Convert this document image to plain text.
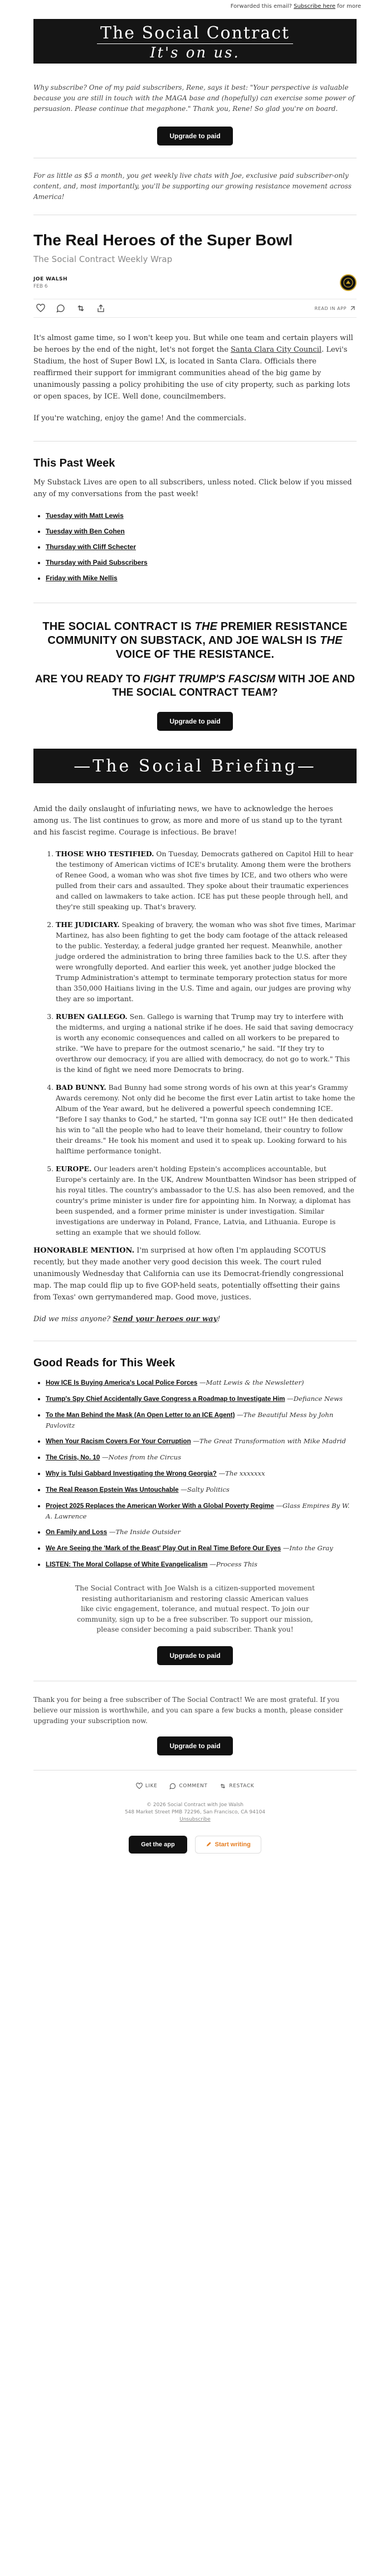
Forwarded this email? Subscribe here for more
The Social Contract
It's on us.

Why subscribe? One of my paid subscribers, Rene, says it best: "Your perspective is valuable because you are still in touch with the MAGA base and (hopefully) can exercise some power of persuasion. Please continue that megaphone." Thank you, Rene! So glad you're on board.

Upgrade to paid

For as little as $5 a month, you get weekly live chats with Joe, exclusive paid subscriber-only content, and, most importantly, you'll be supporting our growing resistance movement across America!

The Real Heroes of the Super Bowl
The Social Contract Weekly Wrap
JOE WALSH
FEB 6
READ IN APP

It's almost game time, so I won't keep you. But while one team and certain players will be heroes by the end of the night, let's not forget the Santa Clara City Council. Levi's Stadium, the host of Super Bowl LX, is located in Santa Clara. Officials there reaffirmed their support for immigrant communities ahead of the big game by unanimously passing a policy prohibiting the use of city property, such as parking lots or open spaces, by ICE. Well done, councilmembers.

If you're watching, enjoy the game! And the commercials.

This Past Week

My Substack Lives are open to all subscribers, unless noted. Click below if you missed any of my conversations from the past week!

• Tuesday with Matt Lewis
• Tuesday with Ben Cohen
• Thursday with Cliff Schecter
• Thursday with Paid Subscribers
• Friday with Mike Nellis
THE SOCIAL CONTRACT IS THE PREMIER RESISTANCE COMMUNITY ON SUBSTACK, AND JOE WALSH IS THE VOICE OF THE RESISTANCE.
ARE YOU READY TO FIGHT TRUMP'S FASCISM WITH JOE AND THE SOCIAL CONTRACT TEAM?
Upgrade to paid
—The Social Briefing—

Amid the daily onslaught of infuriating news, we have to acknowledge the heroes among us. The list continues to grow, as more and more of us stand up to the tyrant and his fascist regime. Courage is infectious. Be brave!

1. THOSE WHO TESTIFIED. On Tuesday, Democrats gathered on Capitol Hill to hear the testimony of American victims of ICE's brutality. Among them were the brothers of Renee Good, a woman who was shot five times by ICE, and two others who were pulled from their cars and assaulted. They spoke about their traumatic experiences and called on lawmakers to take action. ICE has put these people through hell, and they're still speaking up. That's bravery.
2. THE JUDICIARY. Speaking of bravery, the woman who was shot five times, Marimar Martinez, has also been fighting to get the body cam footage of the attack released to the public. Yesterday, a federal judge granted her request. Meanwhile, another judge ordered the administration to bring three families back to the U.S. after they were wrongfully deported. And earlier this week, yet another judge blocked the Trump Administration's attempt to terminate temporary protection status for more than 350,000 Haitians living in the U.S. Time and again, our judges are proving why they are so important.
3. RUBEN GALLEGO. Sen. Gallego is warning that Trump may try to interfere with the midterms, and urging a national strike if he does. He said that saving democracy is worth any economic consequences and called on all workers to be prepared to strike. "We have to prepare for the outmost scenario," he said. "If they try to overthrow our democracy, if you are allied with democracy, do not go to work." This is the kind of fight we need more Democrats to bring.
4. BAD BUNNY. Bad Bunny had some strong words of his own at this year's Grammy Awards ceremony. Not only did he become the first ever Latin artist to take home the Album of the Year award, but he delivered a powerful speech condemning ICE. "Before I say thanks to God," he started, "I'm gonna say ICE out!" He then dedicated his win to "all the people who had to leave their homeland, their country to follow their dreams." He took his moment and used it to speak up. Looking forward to his halftime performance tonight.
5. EUROPE. Our leaders aren't holding Epstein's accomplices accountable, but Europe's certainly are. In the UK, Andrew Mountbatten Windsor has been stripped of his royal titles. The country's ambassador to the U.S. has also been removed, and the country's prime minister is under fire for appointing him. In Norway, a diplomat has been suspended, and a former prime minister is under investigation. Similar investigations are underway in Poland, France, Latvia, and Lithuania. Europe is setting an example that we should follow.

HONORABLE MENTION. I'm surprised at how often I'm applauding SCOTUS recently, but they made another very good decision this week. The court ruled unanimously Wednesday that California can use its Democrat-friendly congressional map. The map could flip up to five GOP-held seats, potentially offsetting their gains from Texas' own gerrymandered map. Good move, justices.

Did we miss anyone? Send your heroes our way!

Good Reads for This Week
• How ICE Is Buying America's Local Police Forces —Matt Lewis & the Newsletter)
• Trump's Spy Chief Accidentally Gave Congress a Roadmap to Investigate Him —Defiance News
• To the Man Behind the Mask (An Open Letter to an ICE Agent) —The Beautiful Mess by John Pavlovitz
• When Your Racism Covers For Your Corruption —The Great Transformation with Mike Madrid
• The Crisis, No. 10 —Notes from the Circus
• Why is Tulsi Gabbard Investigating the Wrong Georgia? —The xxxxxxx
• The Real Reason Epstein Was Untouchable —Salty Politics
• Project 2025 Replaces the American Worker With a Global Poverty Regime —Glass Empires By W. A. Lawrence
• On Family and Loss —The Inside Outsider
• We Are Seeing the 'Mark of the Beast' Play Out in Real Time Before Our Eyes —Into the Gray
• LISTEN: The Moral Collapse of White Evangelicalism —Process This
The Social Contract with Joe Walsh is a citizen-supported movement resisting authoritarianism and restoring classic American values like civic engagement, tolerance, and mutual respect. To join our community, sign up to be a free subscriber. To support our mission, please consider becoming a paid subscriber. Thank you!
Upgrade to paid

Thank you for being a free subscriber of The Social Contract! We are most grateful. If you believe our mission is worthwhile, and you can spare a few bucks a month, please consider upgrading your subscription now.

Upgrade to paid
LIKE	COMMENT	RESTACK
© 2026 Social Contract with Joe Walsh
548 Market Street PMB 72296, San Francisco, CA 94104
Unsubscribe
Get the app	Start writing
